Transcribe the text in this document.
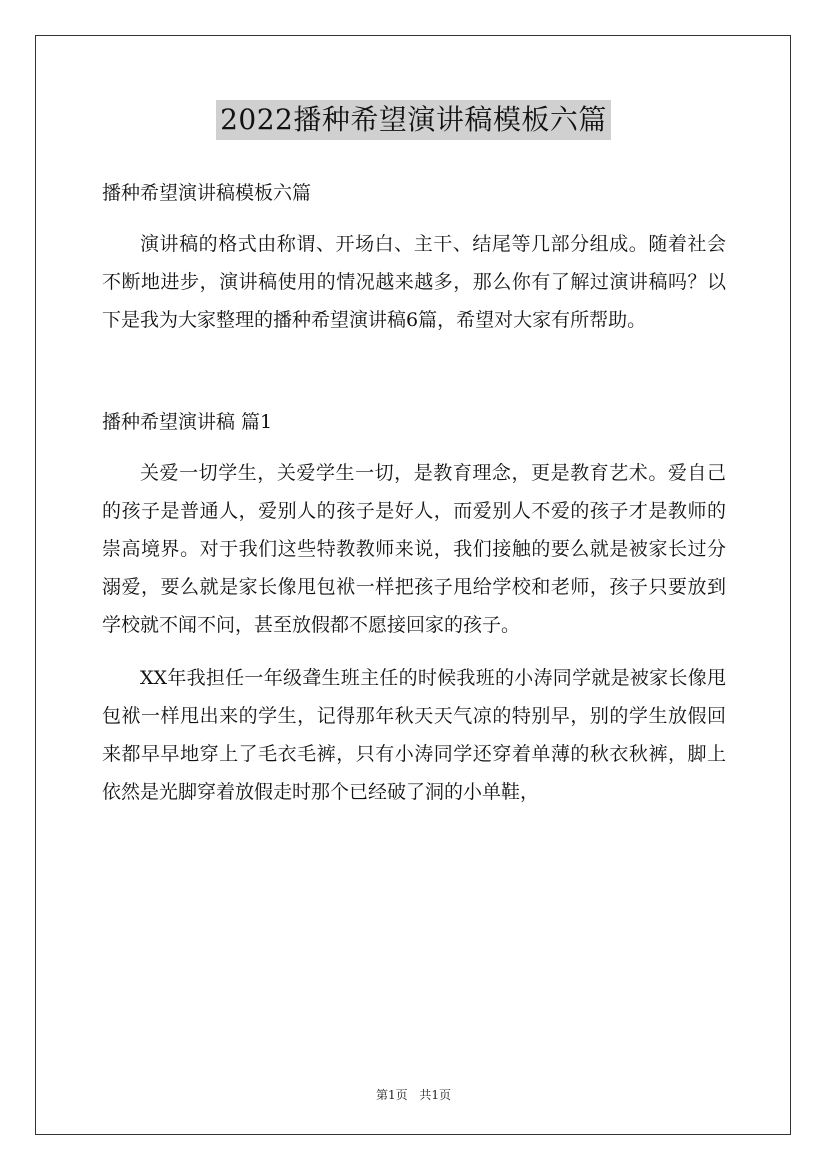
2022播种希望演讲稿模板六篇

播种希望演讲稿模板六篇

演讲稿的格式由称谓、开场白、主干、结尾等几部分组成。随着社会不断地进步，演讲稿使用的情况越来越多，那么你有了解过演讲稿吗？以下是我为大家整理的播种希望演讲稿6篇，希望对大家有所帮助。

播种希望演讲稿 篇1

关爱一切学生，关爱学生一切，是教育理念，更是教育艺术。爱自己的孩子是普通人，爱别人的孩子是好人，而爱别人不爱的孩子才是教师的崇高境界。对于我们这些特教教师来说，我们接触的要么就是被家长过分溺爱，要么就是家长像甩包袱一样把孩子甩给学校和老师，孩子只要放到学校就不闻不问，甚至放假都不愿接回家的孩子。

XX年我担任一年级聋生班主任的时候我班的小涛同学就是被家长像甩包袱一样甩出来的学生，记得那年秋天天气凉的特别早，别的学生放假回来都早早地穿上了毛衣毛裤，只有小涛同学还穿着单薄的秋衣秋裤，脚上依然是光脚穿着放假走时那个已经破了洞的小单鞋，

第1页 共1页
